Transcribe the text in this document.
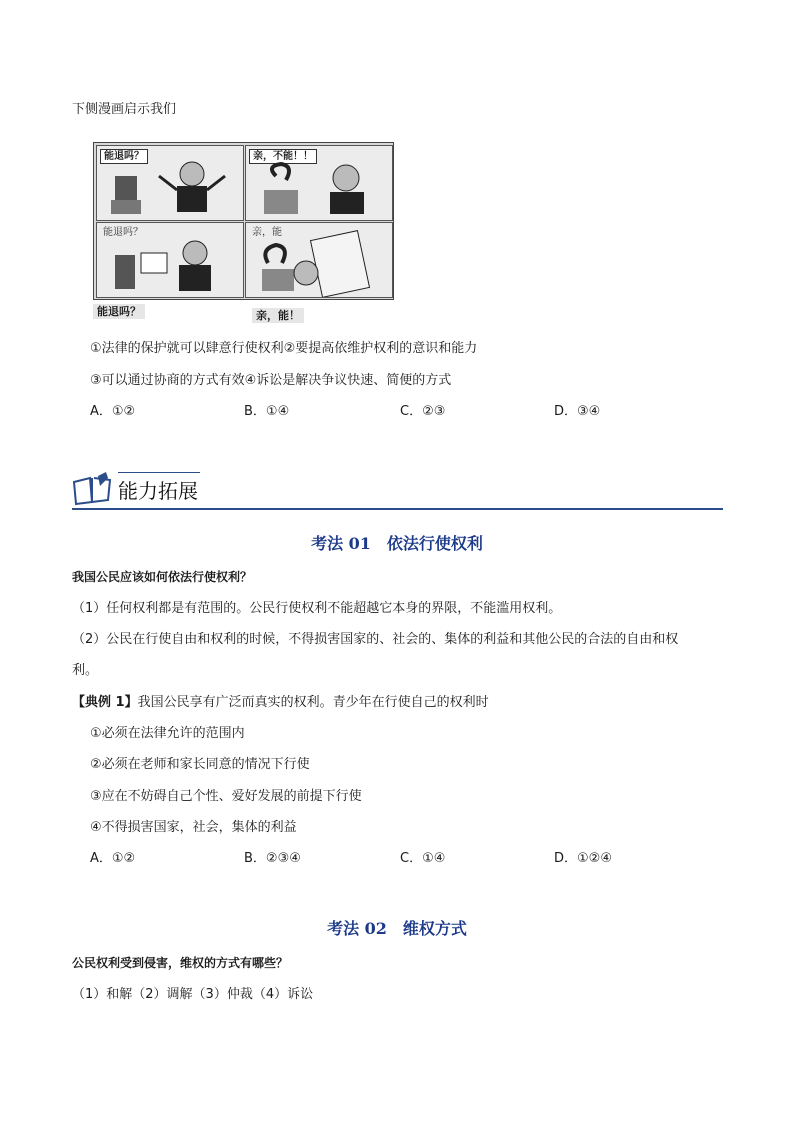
下侧漫画启示我们
能退吗？	亲，不能！！
能退吗？	亲，能
能退吗？	亲，能！
①法律的保护就可以肆意行使权利②要提高依维护权利的意识和能力
③可以通过协商的方式有效④诉讼是解决争议快速、简便的方式
A．①②	B．①④	C．②③	D．③④
能力拓展
考法 01　依法行使权利
我国公民应该如何依法行使权利？
（1）任何权利都是有范围的。公民行使权利不能超越它本身的界限，不能滥用权利。
（2）公民在行使自由和权利的时候，不得损害国家的、社会的、集体的利益和其他公民的合法的自由和权
利。
【典例 1】我国公民享有广泛而真实的权利。青少年在行使自己的权利时
①必须在法律允许的范围内
②必须在老师和家长同意的情况下行使
③应在不妨碍自己个性、爱好发展的前提下行使
④不得损害国家，社会，集体的利益
A．①②	B．②③④	C．①④	D．①②④
考法 02　维权方式
公民权利受到侵害，维权的方式有哪些？
（1）和解（2）调解（3）仲裁（4）诉讼
